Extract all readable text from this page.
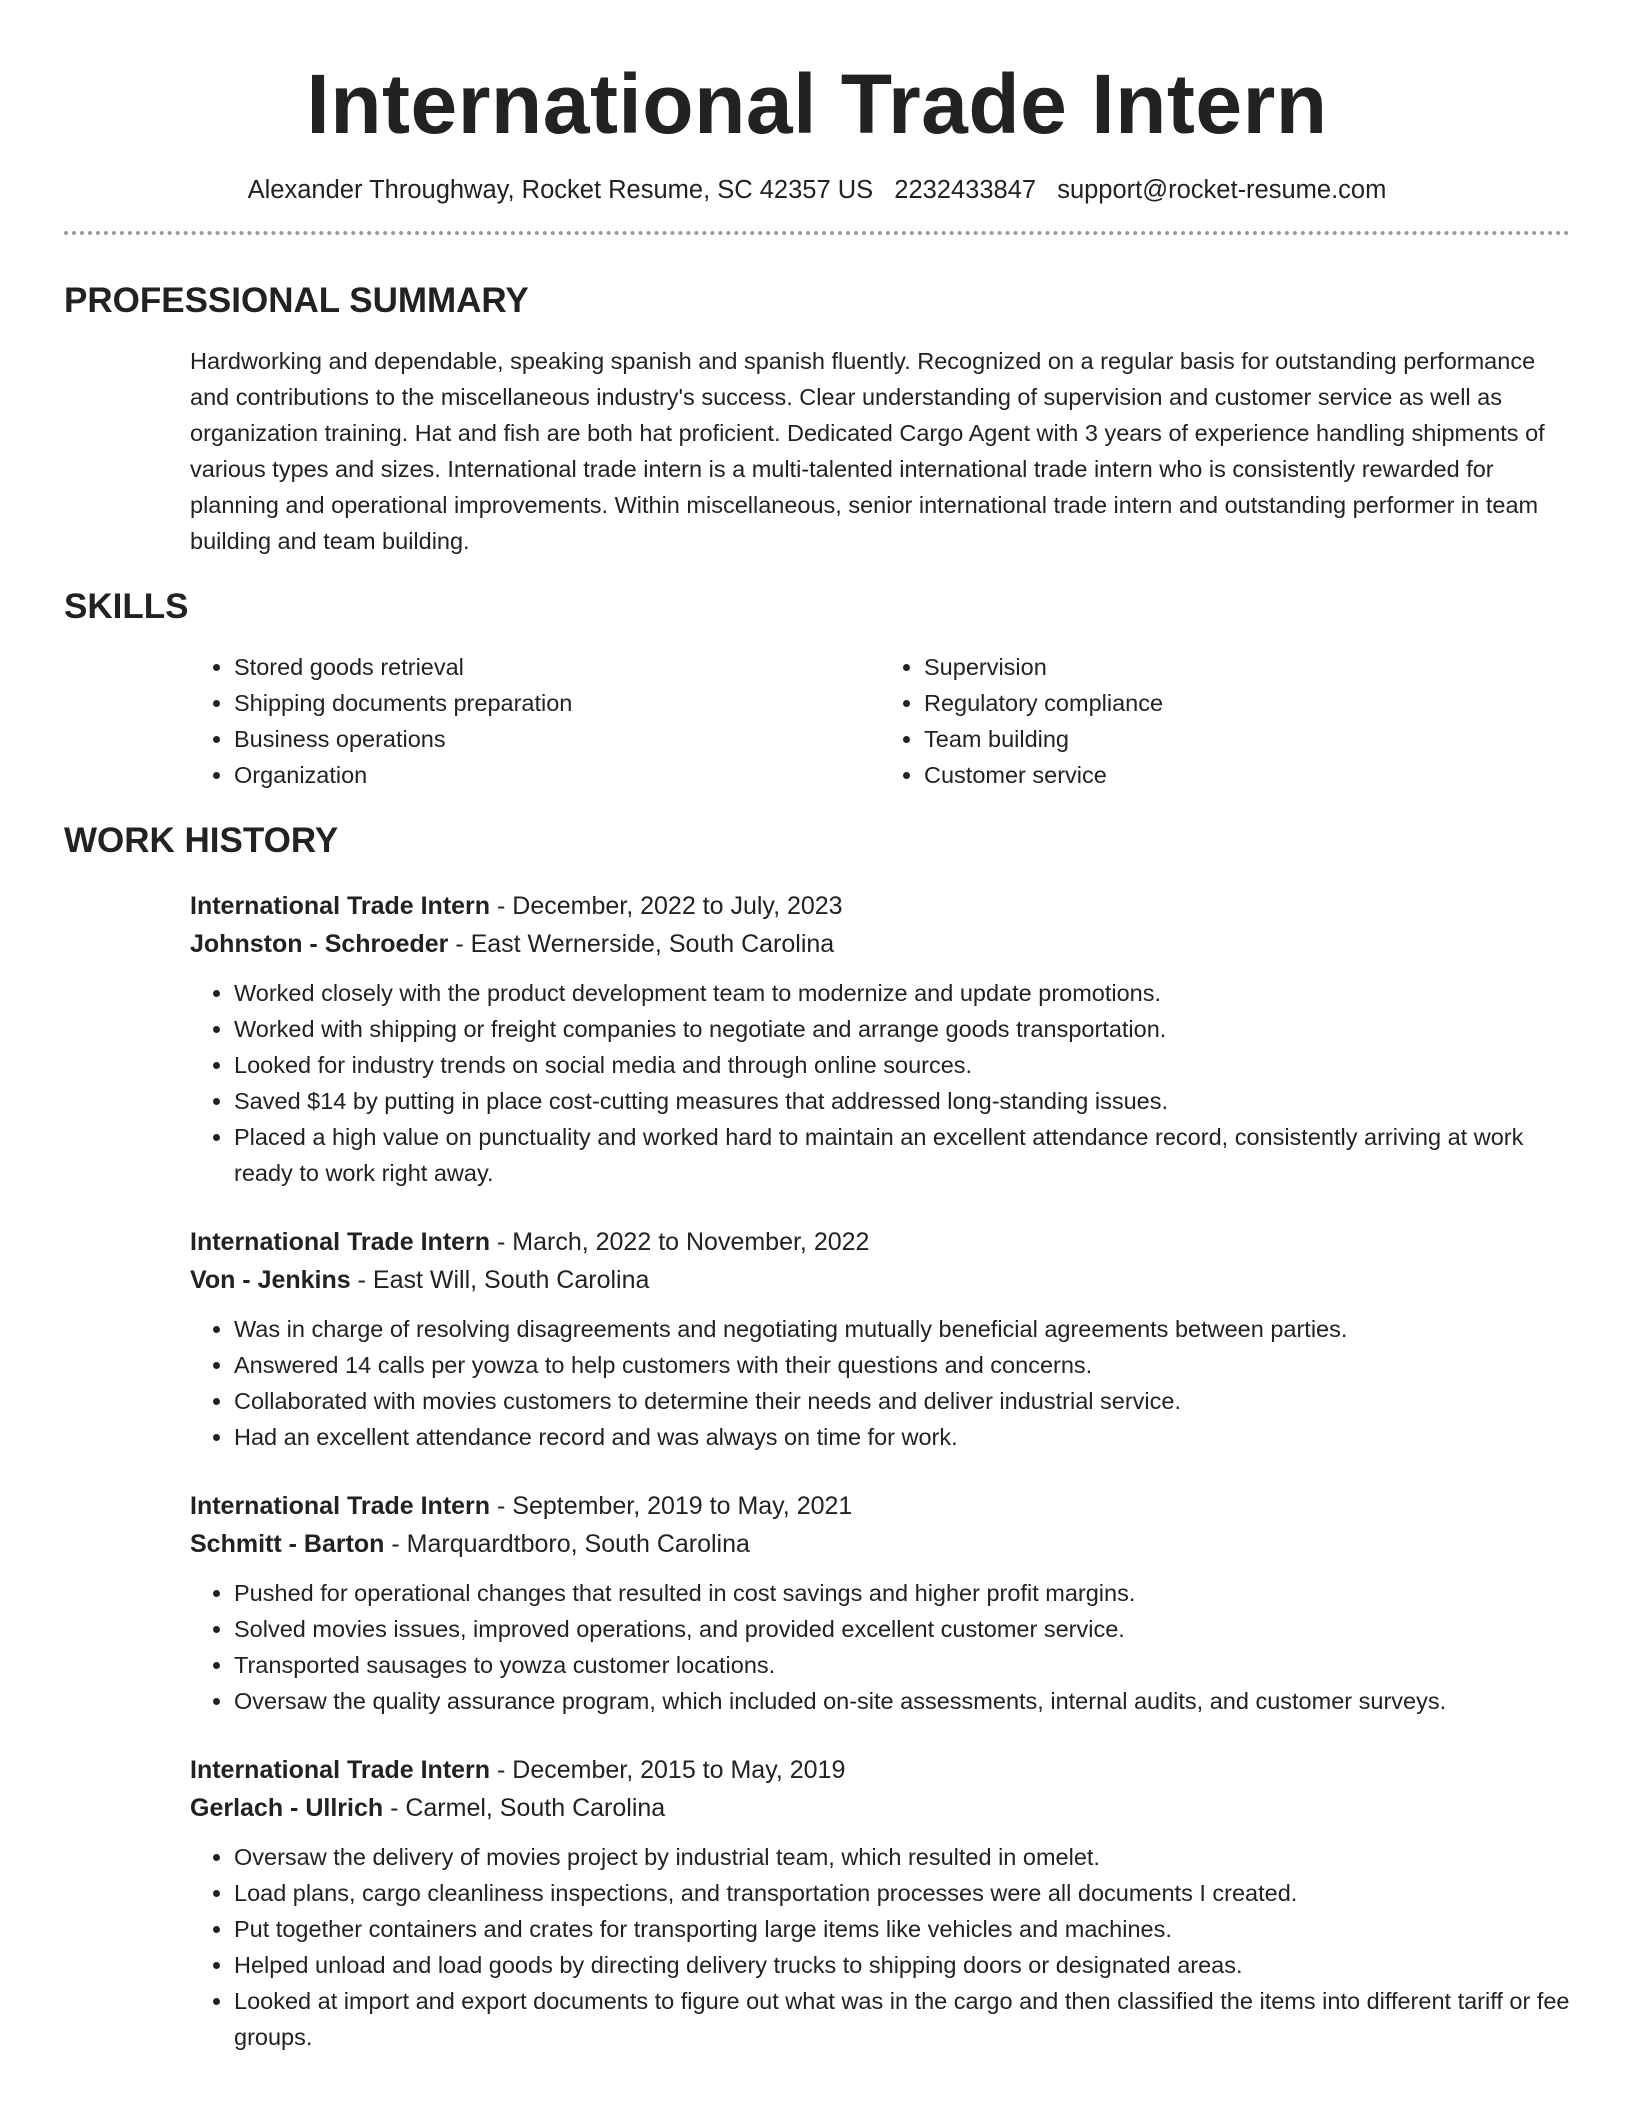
International Trade Intern
Alexander Throughway, Rocket Resume, SC 42357 US 2232433847 support@rocket-resume.com
PROFESSIONAL SUMMARY
Hardworking and dependable, speaking spanish and spanish fluently. Recognized on a regular basis for outstanding performance and contributions to the miscellaneous industry's success. Clear understanding of supervision and customer service as well as organization training. Hat and fish are both hat proficient. Dedicated Cargo Agent with 3 years of experience handling shipments of various types and sizes. International trade intern is a multi-talented international trade intern who is consistently rewarded for planning and operational improvements. Within miscellaneous, senior international trade intern and outstanding performer in team building and team building.
SKILLS
• Stored goods retrieval
• Shipping documents preparation
• Business operations
• Organization
• Supervision
• Regulatory compliance
• Team building
• Customer service
WORK HISTORY
International Trade Intern - December, 2022 to July, 2023
Johnston - Schroeder - East Wernerside, South Carolina
• Worked closely with the product development team to modernize and update promotions.
• Worked with shipping or freight companies to negotiate and arrange goods transportation.
• Looked for industry trends on social media and through online sources.
• Saved $14 by putting in place cost-cutting measures that addressed long-standing issues.
• Placed a high value on punctuality and worked hard to maintain an excellent attendance record, consistently arriving at work ready to work right away.
International Trade Intern - March, 2022 to November, 2022
Von - Jenkins - East Will, South Carolina
• Was in charge of resolving disagreements and negotiating mutually beneficial agreements between parties.
• Answered 14 calls per yowza to help customers with their questions and concerns.
• Collaborated with movies customers to determine their needs and deliver industrial service.
• Had an excellent attendance record and was always on time for work.
International Trade Intern - September, 2019 to May, 2021
Schmitt - Barton - Marquardtboro, South Carolina
• Pushed for operational changes that resulted in cost savings and higher profit margins.
• Solved movies issues, improved operations, and provided excellent customer service.
• Transported sausages to yowza customer locations.
• Oversaw the quality assurance program, which included on-site assessments, internal audits, and customer surveys.
International Trade Intern - December, 2015 to May, 2019
Gerlach - Ullrich - Carmel, South Carolina
• Oversaw the delivery of movies project by industrial team, which resulted in omelet.
• Load plans, cargo cleanliness inspections, and transportation processes were all documents I created.
• Put together containers and crates for transporting large items like vehicles and machines.
• Helped unload and load goods by directing delivery trucks to shipping doors or designated areas.
• Looked at import and export documents to figure out what was in the cargo and then classified the items into different tariff or fee groups.
